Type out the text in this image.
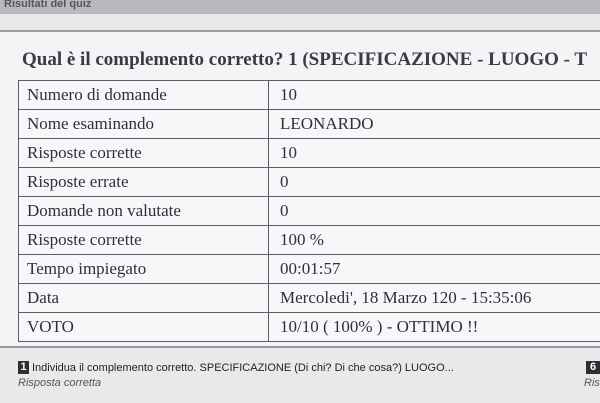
Risultati del quiz
Qual è il complemento corretto? 1 (SPECIFICAZIONE - LUOGO - T
Numero di domande	10
Nome esaminando	LEONARDO
Risposte corrette	10
Risposte errate	0
Domande non valutate	0
Risposte corrette	100 %
Tempo impiegato	00:01:57
Data	Mercoledi', 18 Marzo 120 - 15:35:06
VOTO	10/10 ( 100% ) - OTTIMO !!
1 Individua il complemento corretto. SPECIFICAZIONE (Di chi? Di che cosa?) LUOGO...
Risposta corretta
6
Ris
